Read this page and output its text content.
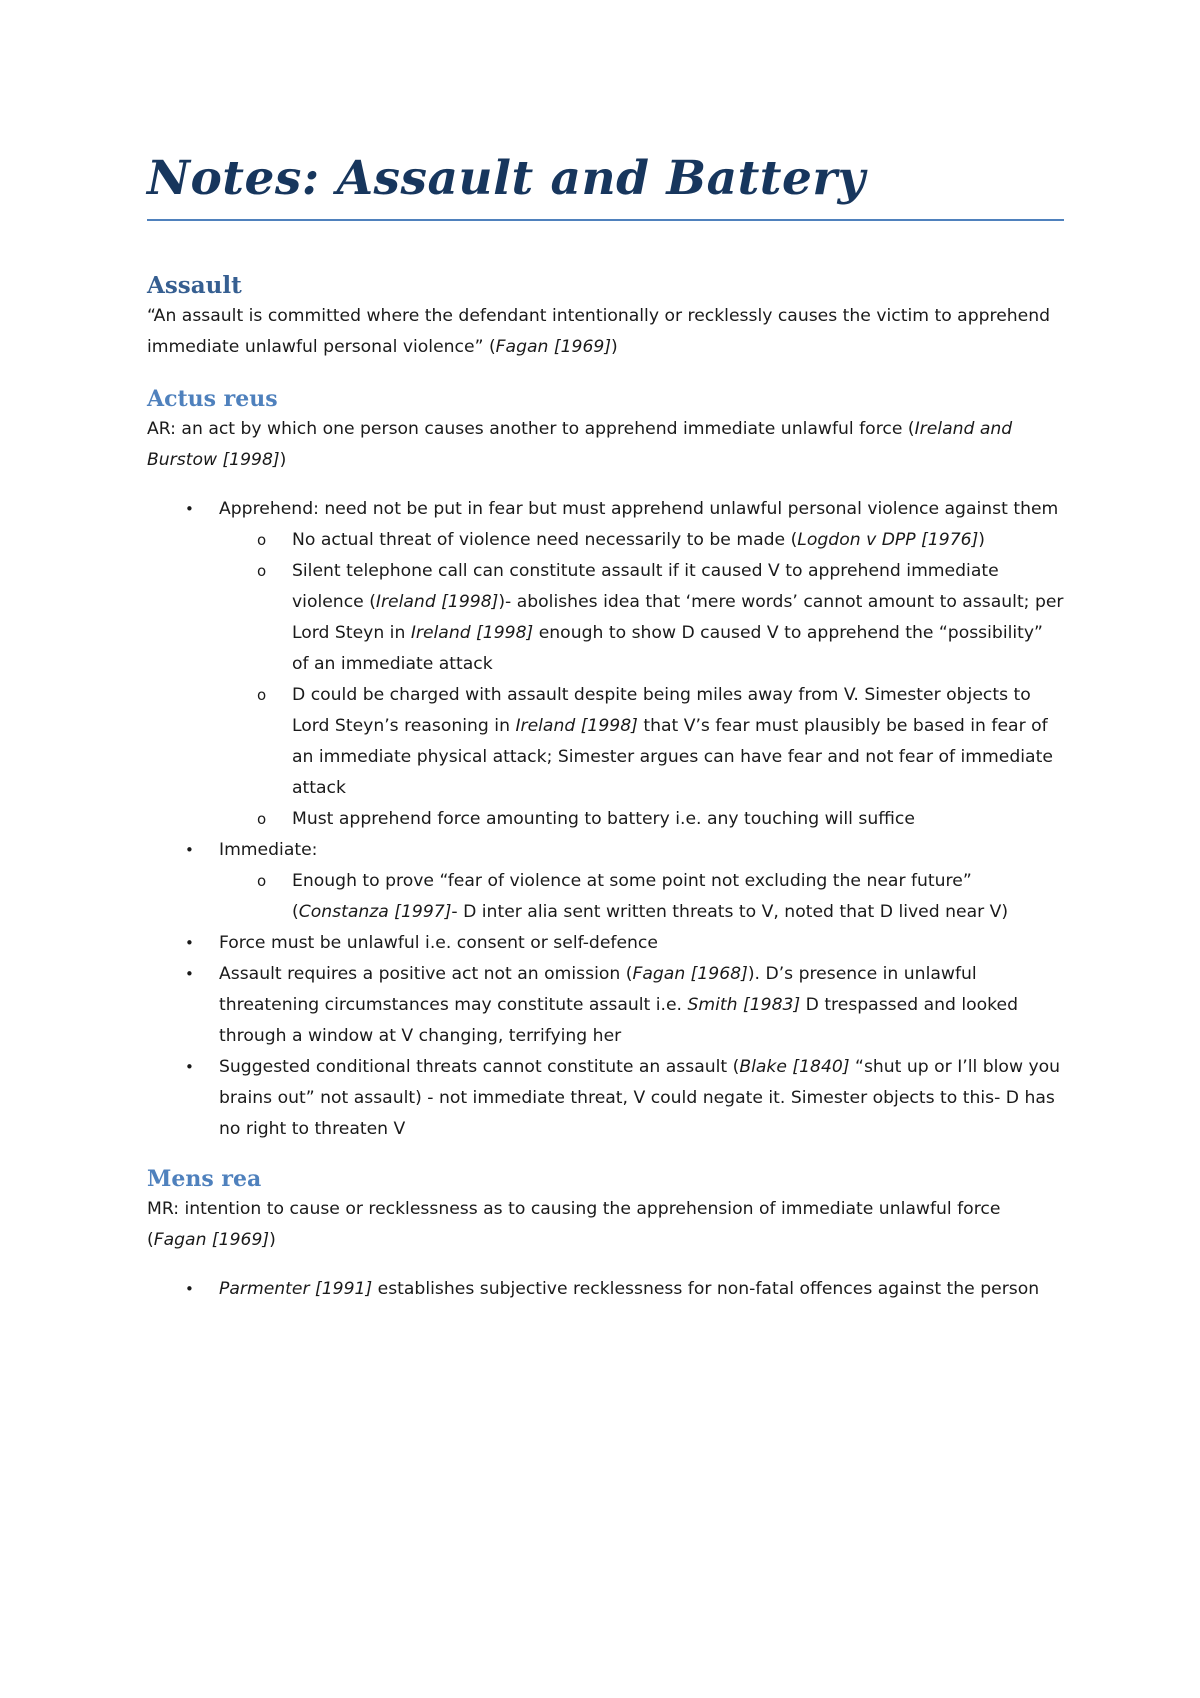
Notes: Assault and Battery
Assault

“An assault is committed where the defendant intentionally or recklessly causes the victim to apprehend immediate unlawful personal violence” (Fagan [1969])

Actus reus

AR: an act by which one person causes another to apprehend immediate unlawful force (Ireland and Burstow [1998])

• Apprehend: need not be put in fear but must apprehend unlawful personal violence against them
o No actual threat of violence need necessarily to be made (Logdon v DPP [1976])
o Silent telephone call can constitute assault if it caused V to apprehend immediate violence (Ireland [1998])- abolishes idea that ‘mere words’ cannot amount to assault; per Lord Steyn in Ireland [1998] enough to show D caused V to apprehend the “possibility” of an immediate attack
o D could be charged with assault despite being miles away from V. Simester objects to Lord Steyn’s reasoning in Ireland [1998] that V’s fear must plausibly be based in fear of an immediate physical attack; Simester argues can have fear and not fear of immediate attack
o Must apprehend force amounting to battery i.e. any touching will suffice
• Immediate:
o Enough to prove “fear of violence at some point not excluding the near future” (Constanza [1997]- D inter alia sent written threats to V, noted that D lived near V)
• Force must be unlawful i.e. consent or self-defence
• Assault requires a positive act not an omission (Fagan [1968]). D’s presence in unlawful threatening circumstances may constitute assault i.e. Smith [1983] D trespassed and looked through a window at V changing, terrifying her
• Suggested conditional threats cannot constitute an assault (Blake [1840] “shut up or I’ll blow you brains out” not assault) - not immediate threat, V could negate it. Simester objects to this- D has no right to threaten V
Mens rea

MR: intention to cause or recklessness as to causing the apprehension of immediate unlawful force (Fagan [1969])

• Parmenter [1991] establishes subjective recklessness for non-fatal offences against the person
